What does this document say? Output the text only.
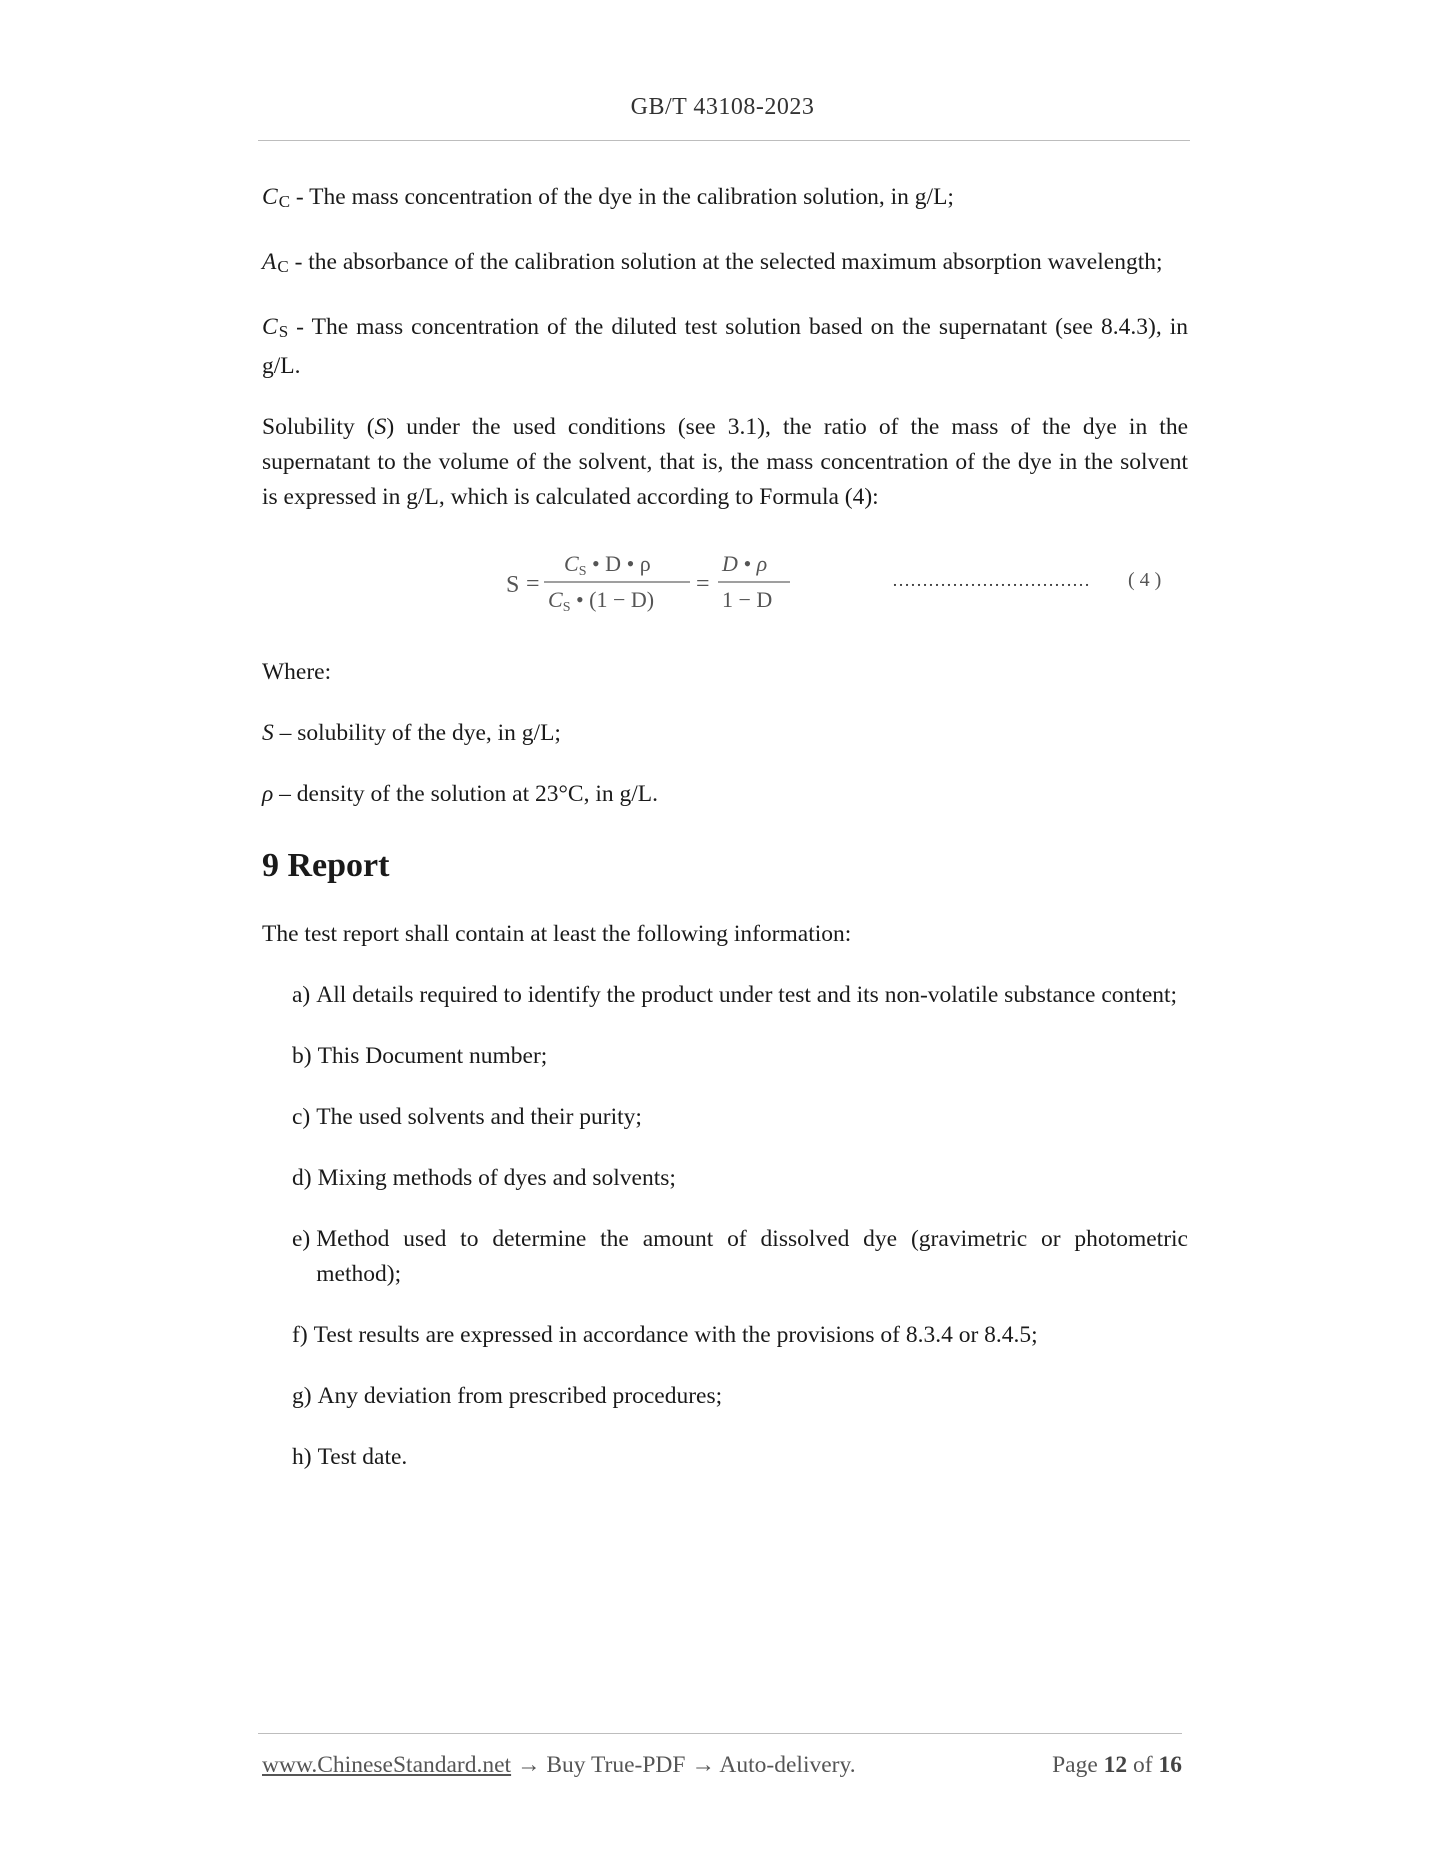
GB/T 43108-2023

CC - The mass concentration of the dye in the calibration solution, in g/L;

AC - the absorbance of the calibration solution at the selected maximum absorption wavelength;

CS - The mass concentration of the diluted test solution based on the supernatant (see 8.4.3), in g/L.

Solubility (S) under the used conditions (see 3.1), the ratio of the mass of the dye in the supernatant to the volume of the solvent, that is, the mass concentration of the dye in the solvent is expressed in g/L, which is calculated according to Formula (4):

S =
CS • D • ρ
CS • (1 − D)
=
D • ρ
1 − D
…………………………… ( 4 )

Where:

S – solubility of the dye, in g/L;

ρ – density of the solution at 23°C, in g/L.

9 Report

The test report shall contain at least the following information:

a) All details required to identify the product under test and its non-volatile substance content;
b) This Document number;
c) The used solvents and their purity;
d) Mixing methods of dyes and solvents;
e) Method used to determine the amount of dissolved dye (gravimetric or photometric method);
f) Test results are expressed in accordance with the provisions of 8.3.4 or 8.4.5;
g) Any deviation from prescribed procedures;
h) Test date.
www.ChineseStandard.net → Buy True-PDF → Auto-delivery.	Page 12 of 16
